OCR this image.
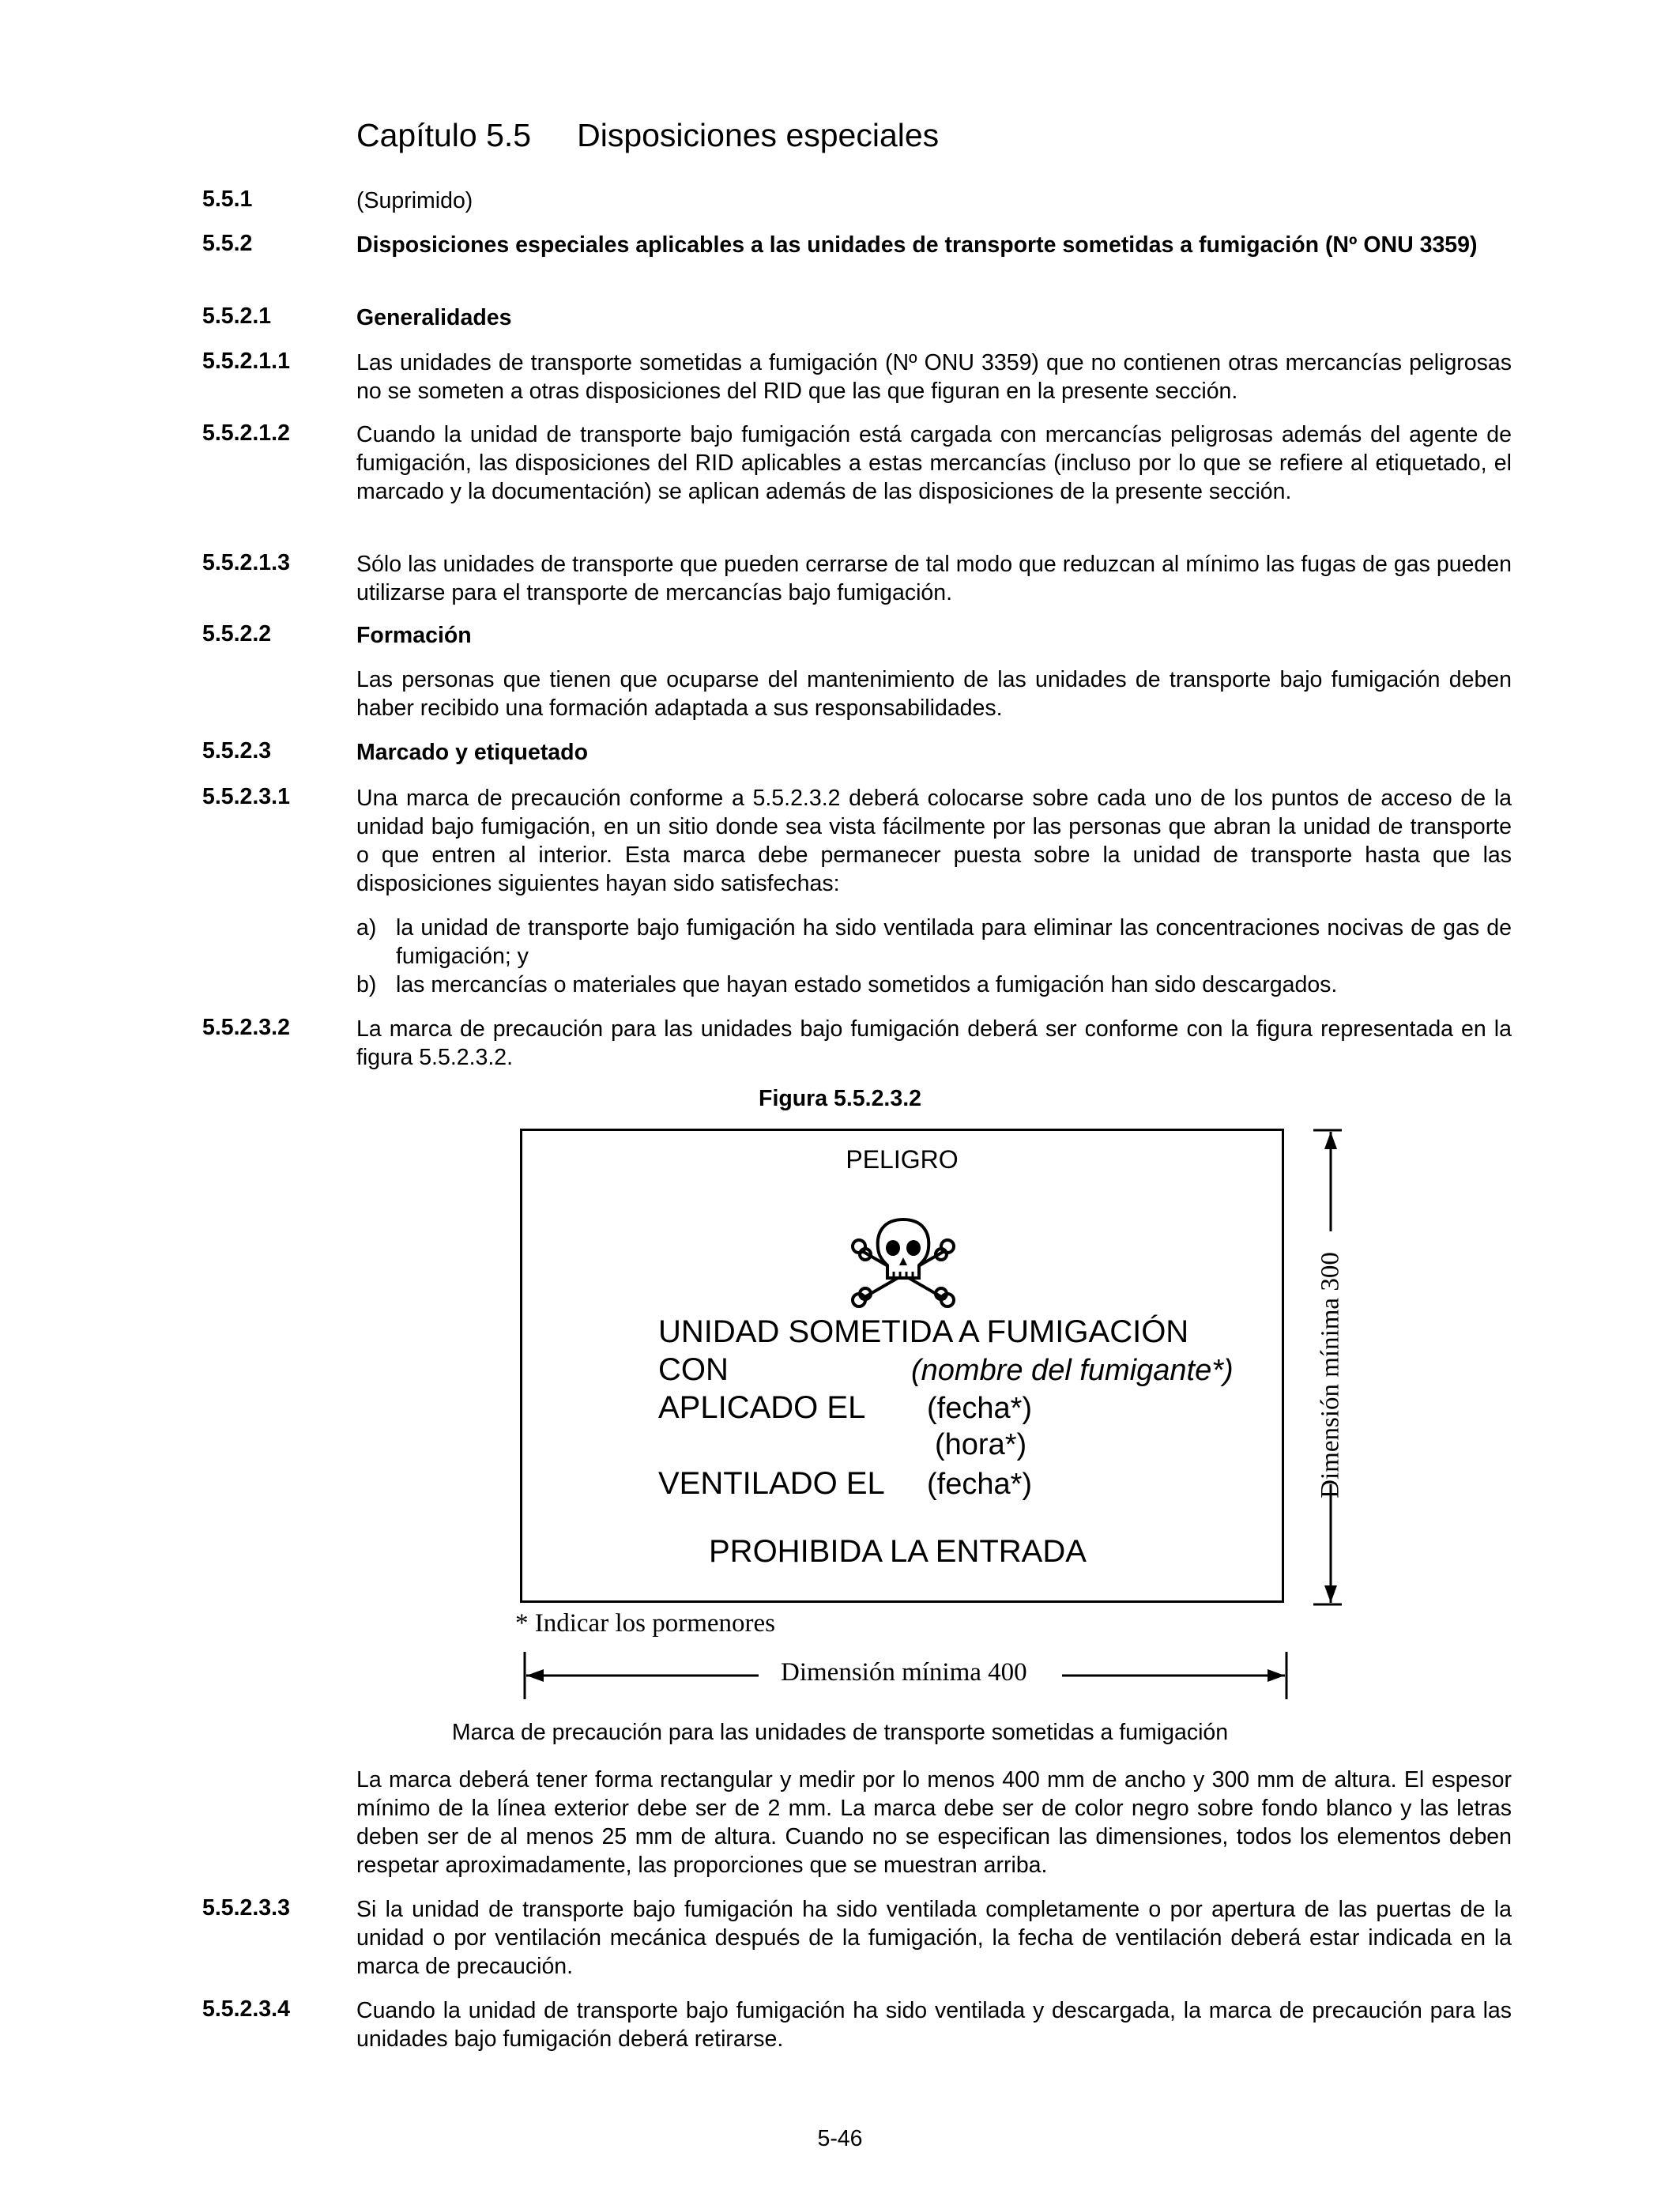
Capítulo 5.5 Disposiciones especiales
5.5.1	(Suprimido)
5.5.2	Disposiciones especiales aplicables a las unidades de transporte sometidas a fumigación (Nº ONU 3359)
5.5.2.1	Generalidades
5.5.2.1.1	Las unidades de transporte sometidas a fumigación (Nº ONU 3359) que no contienen otras mercancías peligrosas no se someten a otras disposiciones del RID que las que figuran en la presente sección.
5.5.2.1.2	Cuando la unidad de transporte bajo fumigación está cargada con mercancías peligrosas además del agente de fumigación, las disposiciones del RID aplicables a estas mercancías (incluso por lo que se refiere al etiquetado, el marcado y la documentación) se aplican además de las disposiciones de la presente sección.
5.5.2.1.3	Sólo las unidades de transporte que pueden cerrarse de tal modo que reduzcan al mínimo las fugas de gas pueden utilizarse para el transporte de mercancías bajo fumigación.
5.5.2.2	Formación
Las personas que tienen que ocuparse del mantenimiento de las unidades de transporte bajo fumigación deben haber recibido una formación adaptada a sus responsabilidades.
5.5.2.3	Marcado y etiquetado
5.5.2.3.1	Una marca de precaución conforme a 5.5.2.3.2 deberá colocarse sobre cada uno de los puntos de acceso de la unidad bajo fumigación, en un sitio donde sea vista fácilmente por las personas que abran la unidad de transporte o que entren al interior. Esta marca debe permanecer puesta sobre la unidad de transporte hasta que las disposiciones siguientes hayan sido satisfechas:
a) la unidad de transporte bajo fumigación ha sido ventilada para eliminar las concentraciones nocivas de gas de fumigación; y
b) las mercancías o materiales que hayan estado sometidos a fumigación han sido descargados.
5.5.2.3.2	La marca de precaución para las unidades bajo fumigación deberá ser conforme con la figura representada en la figura 5.5.2.3.2.
Figura 5.5.2.3.2
PELIGRO
UNIDAD SOMETIDA A FUMIGACIÓN
CON	(nombre del fumigante*)
APLICADO EL (fecha*)
(hora*)
VENTILADO EL (fecha*)
PROHIBIDA LA ENTRADA
Dimensión mínima 300
* Indicar los pormenores
Dimensión mínima 400
Marca de precaución para las unidades de transporte sometidas a fumigación
La marca deberá tener forma rectangular y medir por lo menos 400 mm de ancho y 300 mm de altura. El espesor mínimo de la línea exterior debe ser de 2 mm. La marca debe ser de color negro sobre fondo blanco y las letras deben ser de al menos 25 mm de altura. Cuando no se especifican las dimensiones, todos los elementos deben respetar aproximadamente, las proporciones que se muestran arriba.
5.5.2.3.3	Si la unidad de transporte bajo fumigación ha sido ventilada completamente o por apertura de las puertas de la unidad o por ventilación mecánica después de la fumigación, la fecha de ventilación deberá estar indicada en la marca de precaución.
5.5.2.3.4	Cuando la unidad de transporte bajo fumigación ha sido ventilada y descargada, la marca de precaución para las unidades bajo fumigación deberá retirarse.
5-46
